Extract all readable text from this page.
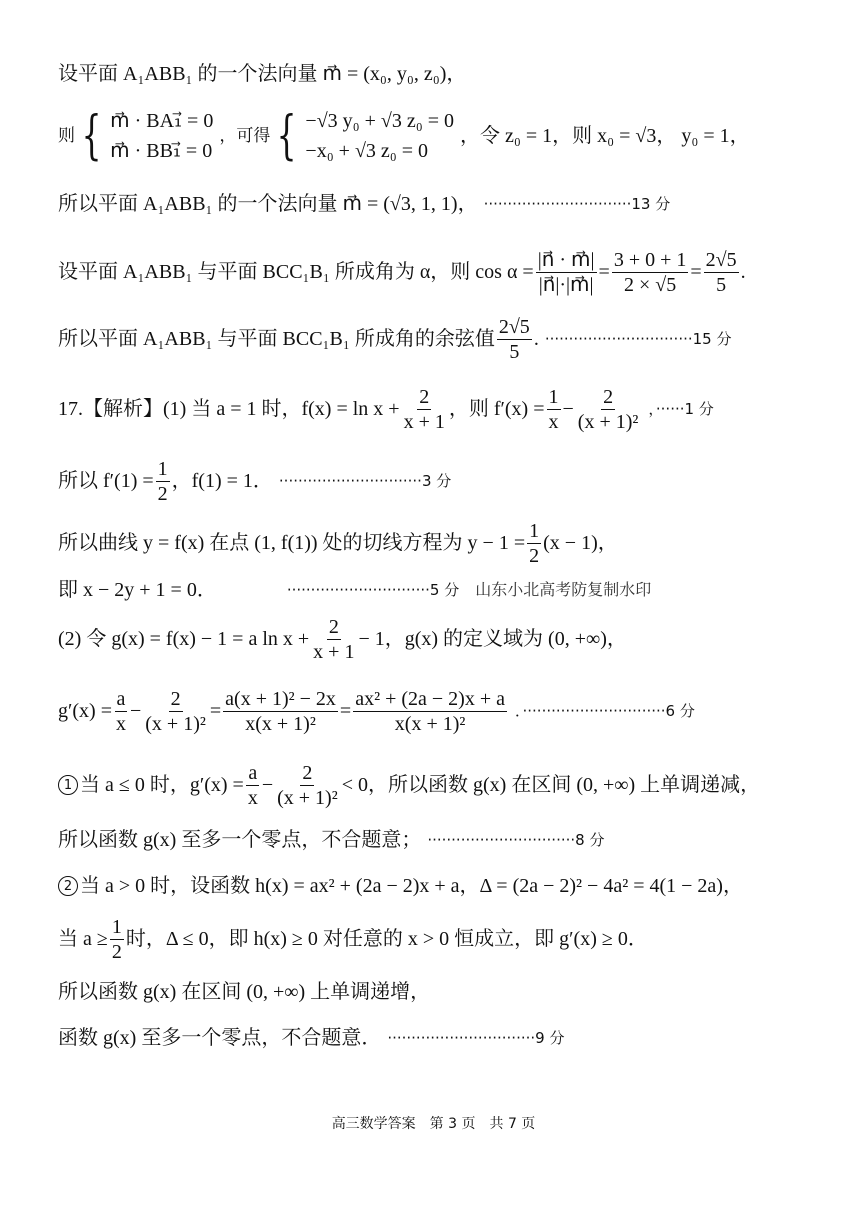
设平面 A₁ABB₁ 的一个法向量 m⃗ = (x₀, y₀, z₀)，
则 { m⃗ · BA₁⃗ = 0
m⃗ · BB₁⃗ = 0
，可得 { −√3 y₀ + √3 z₀ = 0
−x₀ + √3 z₀ = 0
，令 z₀ = 1，则 x₀ = √3， y₀ = 1，
所以平面 A₁ABB₁ 的一个法向量 m⃗ = (√3, 1, 1)， ·······························13 分
设平面 A₁ABB₁ 与平面 BCC₁B₁ 所成角为 α，则 $\cos \alpha = \frac{|n⃗ \cdot m⃗|}{|n⃗|\cdot|m⃗|} = \frac{3 + 0 + 1}{2 \times √5} = \frac{2√5}{5}$ .
所以平面 A₁ABB₁ 与平面 BCC₁B₁ 所成角的余弦值 $\frac{2√5}{5}$ . ·······························15 分
17.【解析】(1) 当 a = 1 时，$f(x) = \ln x + \frac{2}{x + 1}$ ，则 $f'(x) = \frac{1}{x} - \frac{2}{\text{(x + 1)²}}$ ，······1 分
所以 $f'(1) = \frac{1}{2}$ ，f(1) = 1． ······························3 分
所以曲线 y = f(x) 在点 (1, f(1)) 处的切线方程为 $y - 1 = \frac{1}{2} (x - 1)$，
即 x − 2y + 1 = 0．	······························5 分 山东小北高考防复制水印
(2) 令 g(x) = f(x) − 1 = a $\ln x + \frac{2}{x + 1} - 1$，g(x) 的定义域为 (0, +∞)，
$g'(x) = \frac{a}{x} - \frac{2}{\text{(x + 1)²}} = \frac{\text{a(x + 1)² − 2x}}{\text{x(x + 1)²}} = \frac{\text{ax² + (2a − 2)x + a}}{\text{x(x + 1)²}}$ ．······························6 分
1 当 a ≤ 0 时，$g'(x) = \frac{a}{x} - \frac{2}{\text{(x + 1)²}} < 0$，所以函数 g(x) 在区间 (0, +∞) 上单调递减，
所以函数 g(x) 至多一个零点，不合题意； ·······························8 分
2 当 a > 0 时，设函数 h(x) = ax² + (2a − 2)x + a，Δ = (2a − 2)² − 4a² = 4(1 − 2a)，
当 $a \ge \frac{1}{2}$ 时，Δ ≤ 0，即 h(x) ≥ 0 对任意的 x > 0 恒成立，即 g′(x) ≥ 0．
所以函数 g(x) 在区间 (0, +∞) 上单调递增，
函数 g(x) 至多一个零点，不合题意． ·······························9 分
高三数学答案　第 3 页　共 7 页
